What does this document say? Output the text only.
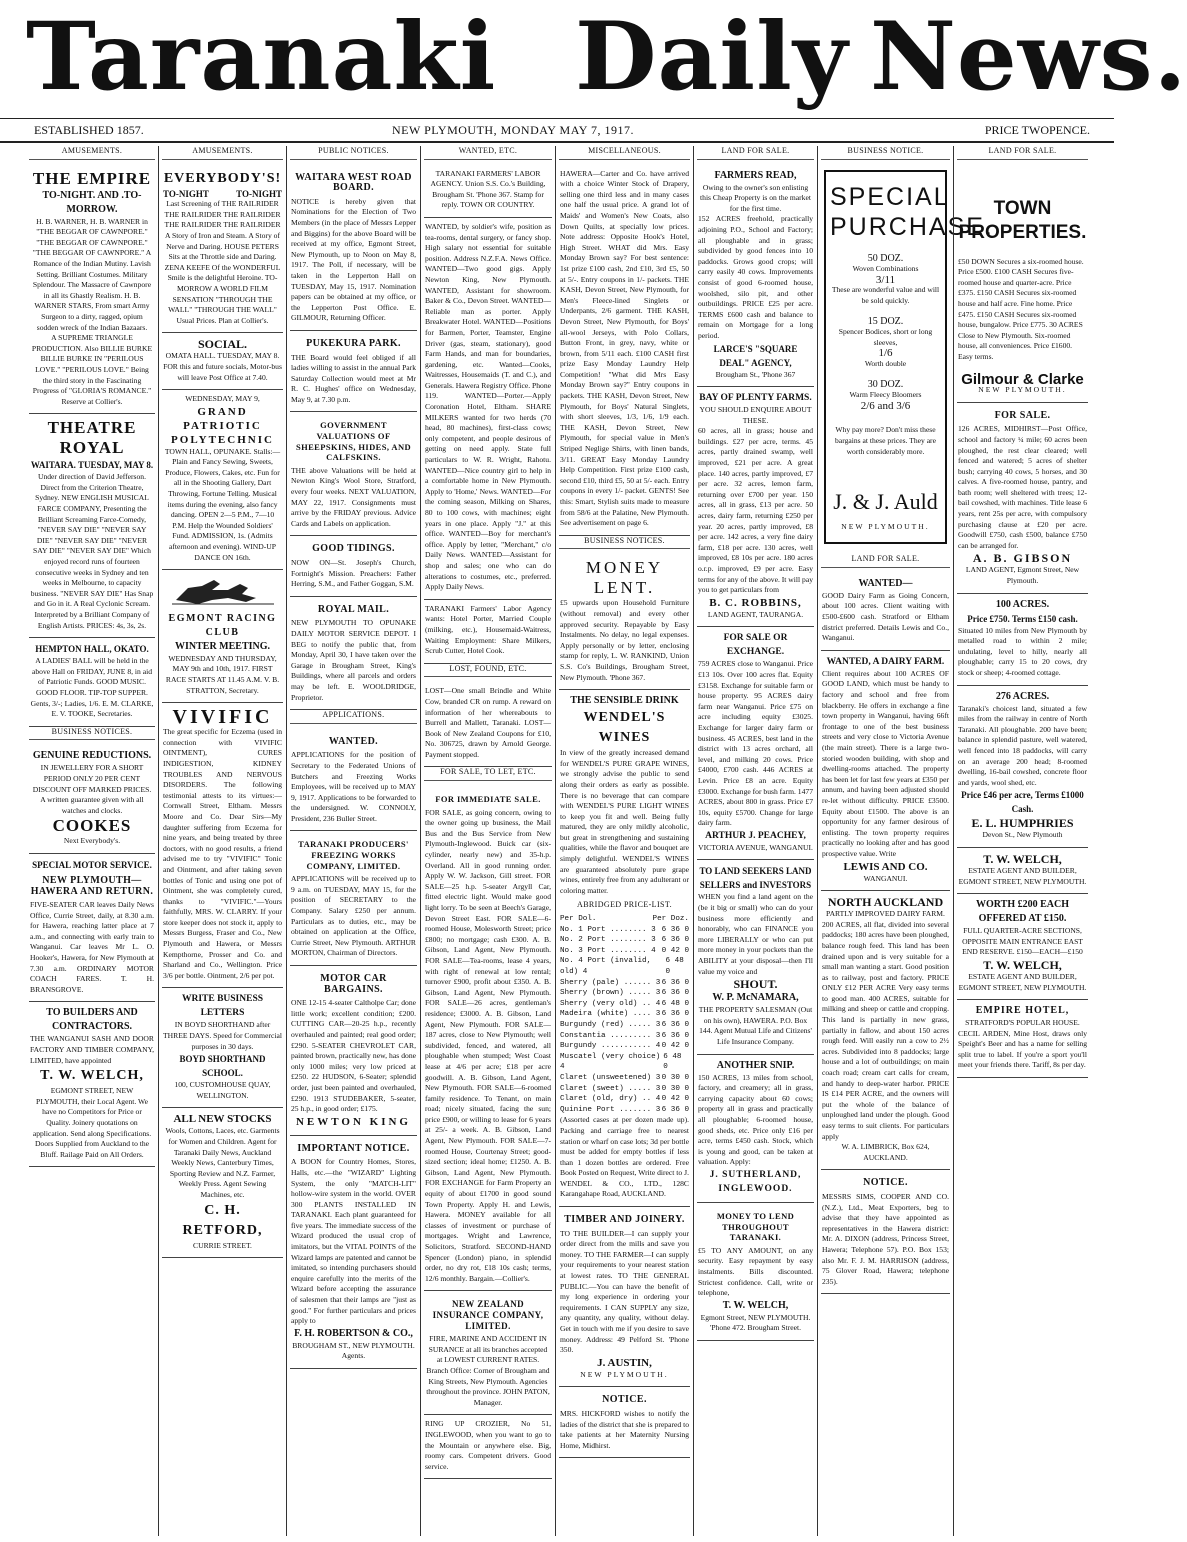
Taranaki Daily News.
ESTABLISHED 1857.	NEW PLYMOUTH, MONDAY MAY 7, 1917.	PRICE TWOPENCE.
AMUSEMENTS.
THE EMPIRE
TO-NIGHT. AND .TO-MORROW.
H. B. WARNER, H. B. WARNER in "THE BEGGAR OF CAWNPORE." "THE BEGGAR OF CAWNPORE." "THE BEGGAR OF CAWNPORE." A Romance of the Indian Mutiny. Lavish Setting. Brilliant Costumes. Military Splendour. The Massacre of Cawnpore in all its Ghastly Realism. H. B. WARNER STARS, From smart Army Surgeon to a dirty, ragged, opium sodden wreck of the Indian Bazaars.
A SUPREME TRIANGLE PRODUCTION. Also BILLIE BURKE BILLIE BURKE IN "PERILOUS LOVE." "PERILOUS LOVE." Being the third story in the Fascinating Progress of "GLORIA'S ROMANCE." Reserve at Collier's.
THEATRE ROYAL
WAITARA. TUESDAY, MAY 8.
Under direction of David Jefferson. Direct from the Criterion Theatre, Sydney. NEW ENGLISH MUSICAL FARCE COMPANY, Presenting the Brilliant Screaming Farce-Comedy, "NEVER SAY DIE" "NEVER SAY DIE" "NEVER SAY DIE" "NEVER SAY DIE" "NEVER SAY DIE" Which enjoyed record runs of fourteen consecutive weeks in Sydney and ten weeks in Melbourne, to capacity business. "NEVER SAY DIE" Has Snap and Go in it. A Real Cyclonic Scream. Interpreted by a Brilliant Company of English Artists. PRICES: 4s, 3s, 2s.
HEMPTON HALL, OKATO.
A LADIES' BALL will be held in the above Hall on FRIDAY, JUNE 8, in aid of Patriotic Funds. GOOD MUSIC. GOOD FLOOR. TIP-TOP SUPPER. Gents, 3/-; Ladies, 1/6. E. M. CLARKE, E. V. TOOKE, Secretaries.
BUSINESS NOTICES.
GENUINE REDUCTIONS.
IN JEWELLERY FOR A SHORT PERIOD ONLY 20 PER CENT DISCOUNT OFF MARKED PRICES. A written guarantee given with all watches and clocks.
COOKES
Next Everybody's.
SPECIAL MOTOR SERVICE.
NEW PLYMOUTH—HAWERA AND RETURN.
FIVE-SEATER CAR leaves Daily News Office, Currie Street, daily, at 8.30 a.m. for Hawera, reaching latter place at 7 a.m., and connecting with early train to Wanganui. Car leaves Mr L. O. Hooker's, Hawera, for New Plymouth at 7.30 a.m. ORDINARY MOTOR COACH FARES. T. H. BRANSGROVE.
TO BUILDERS AND CONTRACTORS.
THE WANGANUI SASH AND DOOR FACTORY AND TIMBER COMPANY, LIMITED, have appointed
T. W. WELCH,
EGMONT STREET, NEW PLYMOUTH, their Local Agent. We have no Competitors for Price or Quality. Joinery quotations on application. Send along Specifications. Doors Supplied from Auckland to the Bluff. Railage Paid on All Orders.
AMUSEMENTS.
EVERYBODY'S!
TO-NIGHT	TO-NIGHT
Last Screening of THE RAILRIDER THE RAILRIDER THE RAILRIDER THE RAILRIDER THE RAILRIDER A Story of Iron and Steam. A Story of Nerve and Daring. HOUSE PETERS Sits at the Throttle side and Daring. ZENA KEEFE Of the WONDERFUL Smile is the delightful Heroine. TO-MORROW A WORLD FILM SENSATION "THROUGH THE WALL" "THROUGH THE WALL" Usual Prices. Plan at Collier's.
SOCIAL.
OMATA HALL. TUESDAY, MAY 8. FOR this and future socials, Motor-bus will leave Post Office at 7.40.
WEDNESDAY, MAY 9,
GRAND PATRIOTIC POLYTECHNIC
TOWN HALL, OPUNAKE. Stalls:—Plain and Fancy Sewing, Sweets, Produce, Flowers, Cakes, etc. Fun for all in the Shooting Gallery, Dart Throwing, Fortune Telling. Musical items during the evening, also fancy dancing. OPEN 2—5 P.M., 7—10 P.M. Help the Wounded Soldiers' Fund. ADMISSION, 1s. (Admits afternoon and evening). WIND-UP DANCE ON 16th.
EGMONT RACING CLUB
WINTER MEETING.
WEDNESDAY AND THURSDAY, MAY 9th and 10th, 1917. FIRST RACE STARTS AT 11.45 A.M. V. B. STRATTON, Secretary.
VIVIFIC
The great specific for Eczema (used in connection with VIVIFIC OINTMENT), CURES INDIGESTION, KIDNEY TROUBLES AND NERVOUS DISORDERS. The following testimonial attests to its virtues:— Cornwall Street, Eltham. Messrs Moore and Co. Dear Sirs—My daughter suffering from Eczema for nine years, and being treated by three doctors, with no good results, a friend advised me to try "VIVIFIC" Tonic and Ointment, and after taking seven bottles of Tonic and using one pot of Ointment, she was completely cured, thanks to "VIVIFIC."—Yours faithfully, MRS. W. CLARRY. If your store keeper does not stock it, apply to Messrs Burgess, Fraser and Co., New Plymouth and Hawera, or Messrs Kempthorne, Prosser and Co. and Sharland and Co., Wellington. Price 3/6 per bottle. Ointment, 2/6 per pot.
WRITE BUSINESS LETTERS
IN BOYD SHORTHAND after THREE DAYS. Speed for Commercial purposes in 30 days.
BOYD SHORTHAND SCHOOL.
100, CUSTOMHOUSE QUAY, WELLINGTON.
ALL NEW STOCKS
Wools, Cottons, Laces, etc. Garments for Women and Children. Agent for Taranaki Daily News, Auckland Weekly News, Canterbury Times, Sporting Review and N.Z. Farmer, Weekly Press. Agent Sewing Machines, etc.
C. H. RETFORD,
CURRIE STREET.
PUBLIC NOTICES.
WAITARA WEST ROAD BOARD.
NOTICE is hereby given that Nominations for the Election of Two Members (in the place of Messrs Lepper and Biggins) for the above Board will be received at my office, Egmont Street, New Plymouth, up to Noon on May 8, 1917. The Poll, if necessary, will be taken in the Lepperton Hall on TUESDAY, May 15, 1917. Nomination papers can be obtained at my office, or the Lepperton Post Office. E. GILMOUR, Returning Officer.
PUKEKURA PARK.
THE Board would feel obliged if all ladies willing to assist in the annual Park Saturday Collection would meet at Mr R. C. Hughes' office on Wednesday, May 9, at 7.30 p.m.
GOVERNMENT VALUATIONS OF SHEEPSKINS, HIDES, AND CALFSKINS.
THE above Valuations will be held at Newton King's Wool Store, Stratford, every four weeks. NEXT VALUATION, MAY 22, 1917. Consignments must arrive by the FRIDAY previous. Advice Cards and Labels on application.
GOOD TIDINGS.
NOW ON—St. Joseph's Church, Fortnight's Mission. Preachers: Father Herring, S.M., and Father Goggan, S.M.
ROYAL MAIL.
NEW PLYMOUTH TO OPUNAKE DAILY MOTOR SERVICE DEPOT. I BEG to notify the public that, from Monday, April 30, I have taken over the Garage in Brougham Street, King's Buildings, where all parcels and orders may be left. E. WOOLDRIDGE, Proprietor.
APPLICATIONS.
WANTED.
APPLICATIONS for the position of Secretary to the Federated Unions of Butchers and Freezing Works Employees, will be received up to MAY 9, 1917. Applications to be forwarded to the undersigned. W. CONNOLY, President, 236 Buller Street.
TARANAKI PRODUCERS' FREEZING WORKS COMPANY, LIMITED.
APPLICATIONS will be received up to 9 a.m. on TUESDAY, MAY 15, for the position of SECRETARY to the Company. Salary £250 per annum. Particulars as to duties, etc., may be obtained on application at the Office, Currie Street, New Plymouth. ARTHUR MORTON, Chairman of Directors.
MOTOR CAR BARGAINS.
ONE 12-15 4-seater Caltholpe Car; done little work; excellent condition; £200. CUTTING CAR—20-25 h.p., recently overhauled and painted; real good order; £290. 5-SEATER CHEVROLET CAR, painted brown, practically new, has done only 1000 miles; very low priced at £250. 22 HUDSON, 6-Seater; splendid order, just been painted and overhauled, £290. 1913 STUDEBAKER, 5-seater, 25 h.p., in good order; £175.
NEWTON KING
IMPORTANT NOTICE.
A BOON for Country Homes, Stores, Halls, etc.—the "WIZARD" Lighting System, the only "MATCH-LIT" hollow-wire system in the world. OVER 300 PLANTS INSTALLED IN TARANAKI. Each plant guaranteed for five years. The immediate success of the Wizard produced the usual crop of imitators, but the VITAL POINTS of the Wizard lamps are patented and cannot be imitated, so intending purchasers should enquire carefully into the merits of the Wizard before accepting the assurance of salesmen that their lamps are "just as good." For further particulars and prices apply to
F. H. ROBERTSON & CO.,
BROUGHAM ST., NEW PLYMOUTH. Agents.
WANTED, ETC.
TARANAKI FARMERS' LABOR AGENCY. Union S.S. Co.'s Building, Brougham St. 'Phone 367. Stamp for reply. TOWN OR COUNTRY.
WANTED, by soldier's wife, position as tea-rooms, dental surgery, or fancy shop. High salary not essential for suitable position. Address N.Z.F.A. News Office. WANTED—Two good gigs. Apply Newton King, New Plymouth. WANTED, Assistant for showroom. Baker & Co., Devon Street. WANTED—Reliable man as porter. Apply Breakwater Hotel. WANTED—Positions for Barmen, Porter, Teamster, Engine Driver (gas, steam, stationary), good Farm Hands, and man for boundaries, gardening, etc. Wanted—Cooks, Waitresses, Housemaids (T. and C.), and Generals. Hawera Registry Office. Phone 119. WANTED—Porter.—Apply Coronation Hotel, Eltham. SHARE MILKERS wanted for two herds (70 head, 80 machines), first-class cows; only competent, and people desirous of getting on need apply. State full particulars to W. R. Wright, Rahotu. WANTED—Nice country girl to help in a comfortable home in New Plymouth. Apply to 'Home,' News. WANTED—For the coming season, Milking on Shares, 80 to 100 cows, with machines; eight years in one place. Apply "J." at this office. WANTED—Boy for merchant's office. Apply by letter, "Merchant," c/o Daily News. WANTED—Assistant for shop and sales; one who can do alterations to costumes, etc., preferred. Apply Daily News.
TARANAKI Farmers' Labor Agency wants: Hotel Porter, Married Couple (milking, etc.), Housemaid-Waitress, Waiting Employment: Share Milkers, Scrub Cutter, Hotel Cook.
LOST, FOUND, ETC.
LOST—One small Brindle and White Cow, branded CR on rump. A reward on information of her whereabouts to Burrell and Mallett, Taranaki. LOST—Book of New Zealand Coupons for £10, No. 306725, drawn by Arnold George. Payment stopped.
FOR SALE, TO LET, ETC.
FOR IMMEDIATE SALE.
FOR SALE, as going concern, owing to the owner going up business, the Mail Bus and the Bus Service from New Plymouth-Inglewood. Buick car (six-cylinder, nearly new) and 35-h.p. Overland. All in good running order. Apply W. W. Jackson, Gill street. FOR SALE—25 h.p. 5-seater Argyll Car, fitted electric light. Would make good light lorry. To be seen at Beech's Garage, Devon Street East. FOR SALE—6-roomed House, Molesworth Street; price £800; no mortgage; cash £300. A. B. Gibson, Land Agent, New Plymouth. FOR SALE—Tea-rooms, lease 4 years, with right of renewal at low rental; turnover £900, profit about £350. A. B. Gibson, Land Agent, New Plymouth. FOR SALE—26 acres, gentleman's residence; £3000. A. B. Gibson, Land Agent, New Plymouth. FOR SALE—187 acres, close to New Plymouth; well subdivided, fenced, and watered, all ploughable when stumped; West Coast lease at 4/6 per acre; £18 per acre goodwill. A. B. Gibson, Land Agent, New Plymouth. FOR SALE—6-roomed family residence. To Tenant, on main road; nicely situated, facing the sun; price £900, or willing to lease for 6 years at 25/- a week. A. B. Gibson, Land Agent, New Plymouth. FOR SALE—7-roomed House, Courtenay Street; good-sized section; ideal home; £1250. A. B. Gibson, Land Agent, New Plymouth. FOR EXCHANGE for Farm Property an equity of about £1700 in good sound Town Property. Apply H. and Lewis, Hawera. MONEY available for all classes of investment or purchase of mortgages. Wright and Lawrence, Solicitors, Stratford. SECOND-HAND Spencer (London) piano, in splendid order, no dry rot, £18 10s cash; terms, 12/6 monthly. Bargain.—Collier's.
NEW ZEALAND INSURANCE COMPANY, LIMITED.
FIRE, MARINE AND ACCIDENT IN SURANCE at all its branches accepted at LOWEST CURRENT RATES. Branch Office: Corner of Brougham and King Streets, New Plymouth. Agencies throughout the province. JOHN PATON, Manager.
RING UP CROZIER, No 51, INGLEWOOD, when you want to go to the Mountain or anywhere else. Big, roomy cars. Competent drivers. Good service.
MISCELLANEOUS.
HAWERA—Carter and Co. have arrived with a choice Winter Stock of Drapery, selling one third less and in many cases one half the usual price. A grand lot of Maids' and Women's New Coats, also Down Quilts, at specially low prices. Note address: Opposite Hook's Hotel, High Street. WHAT did Mrs. Easy Monday Brown say? For best sentence: 1st prize £100 cash, 2nd £10, 3rd £5, 50 at 5/-. Entry coupons in 1/- packets. THE KASH, Devon Street, New Plymouth, for Men's Fleece-lined Singlets or Underpants, 2/6 garment. THE KASH, Devon Street, New Plymouth, for Boys' all-wool Jerseys, with Polo Collars, Button Front, in grey, navy, white or brown, from 5/11 each. £100 CASH first prize Easy Monday Laundry Help Competition! "What did Mrs Easy Monday Brown say?" Entry coupons in packets. THE KASH, Devon Street, New Plymouth, for Boys' Natural Singlets, with short sleeves, 1/3, 1/6, 1/9 each. THE KASH, Devon Street, New Plymouth, for special value in Men's Striped Neglige Shirts, with linen bands, 3/11. GREAT Easy Monday Laundry Help Competition. First prize £100 cash, second £10, third £5, 50 at 5/- each. Entry coupons in every 1/- packet. GENTS! See this: Smart, Stylish suits made to measure from 58/6 at the Palatine, New Plymouth. See advertisement on page 6.
BUSINESS NOTICES.
MONEY LENT.
£5 upwards upon Household Furniture (without removal) and every other approved security. Repayable by Easy Instalments. No delay, no legal expenses. Apply personally or by letter, enclosing stamp for reply, L. W. RANKIND, Union S.S. Co's Buildings, Brougham Street, New Plymouth. 'Phone 367.
THE SENSIBLE DRINK
WENDEL'S WINES
In view of the greatly increased demand for WENDEL'S PURE GRAPE WINES, we strongly advise the public to send along their orders as early as possible. There is no beverage that can compare with WENDEL'S PURE LIGHT WINES to keep you fit and well. Being fully matured, they are only mildly alcoholic, but great in strengthening and sustaining qualities, while the flavor and bouquet are simply delightful. WENDEL'S WINES are guaranteed absolutely pure grape wines, entirely free from any adulterant or coloring matter.
ABRIDGED PRICE-LIST.
Per Dol.	Per Doz.
No. 1 Port ........ 3 6 36 0
No. 2 Port ........ 3 6 36 0
No. 3 Port ........ 4 0 42 0
No. 4 Port (invalid, old) 4
6 48 0
Sherry (pale) ...... 3 6 36 0
Sherry (brown) ..... 3 6 36 0
Sherry (very old) .. 4 6 48 0
Madeira (white) .... 3 6 36 0
Burgundy (red) ..... 3 6 36 0
Constantia ......... 3 6 36 0
Burgundy ........... 4 0 42 0
Muscatel (very choice) 4
6 48 0
Claret (unsweetened) 3 0 30 0
Claret (sweet) ..... 3 0 30 0
Claret (old, dry) .. 4 0 42 0
Quinine Port ....... 3 6 36 0
(Assorted cases at per dozen made up). Packing and carriage free to nearest station or wharf on case lots; 3d per bottle must be added for empty bottles if less than 1 dozen bottles are ordered. Free Book Posted on Request, Write direct to J. WENDEL & CO., LTD., 128C Karangahape Road, AUCKLAND.
TIMBER AND JOINERY.
TO THE BUILDER—I can supply your order direct from the mills and save you money. TO THE FARMER—I can supply your requirements to your nearest station at lowest rates. TO THE GENERAL PUBLIC.—You can have the benefit of my long experience in ordering your requirements. I CAN SUPPLY any size, any quantity, any quality, without delay. Get in touch with me if you desire to save money. Address: 49 Pelford St. 'Phone 350.
J. AUSTIN,
NEW PLYMOUTH.
NOTICE.
MRS. HICKFORD wishes to notify the ladies of the district that she is prepared to take patients at her Maternity Nursing Home, Midhirst.
LAND FOR SALE.
FARMERS READ,
Owing to the owner's son enlisting this Cheap Property is on the market for the first time.
152 ACRES freehold, practically adjoining P.O., School and Factory; all ploughable and in grass; subdivided by good fences into 10 paddocks. Grows good crops; will carry easily 40 cows. Improvements consist of good 6-roomed house, woolshed, silo pit, and other outbuildings. PRICE £25 per acre. TERMS £600 cash and balance to remain on Mortgage for a long period.
LARCE'S "SQUARE DEAL" AGENCY,
Brougham St., 'Phone 367
BAY OF PLENTY FARMS.
YOU SHOULD ENQUIRE ABOUT THESE.
60 acres, all in grass; house and buildings. £27 per acre, terms. 45 acres, partly drained swamp, well improved, £21 per acre. A great place. 140 acres, partly improved, £7 per acre. 32 acres, lemon farm, returning over £700 per year. 150 acres, all in grass, £13 per acre. 50 acres, dairy farm, returning £250 per year. 20 acres, partly improved, £8 per acre. 142 acres, a very fine dairy farm, £18 per acre. 130 acres, well improved, £8 10s per acre. 180 acres o.r.p. improved, £9 per acre. Easy terms for any of the above. It will pay you to get particulars from
B. C. ROBBINS,
LAND AGENT, TAURANGA.
FOR SALE OR EXCHANGE.
759 ACRES close to Wanganui. Price £13 10s. Over 100 acres flat. Equity £3158. Exchange for suitable farm or house property. 95 ACRES dairy farm near Wanganui. Price £75 on acre including equity £3025. Exchange for larger dairy farm or business. 45 ACRES, best land in the district with 13 acres orchard, all level, and milking 20 cows. Price £4000, £700 cash. 446 ACRES at Levin. Price £8 an acre. Equity £3000. Exchange for bush farm. 1477 ACRES, about 800 in grass. Price £7 10s, equity £5700. Change for large dairy farm.
ARTHUR J. PEACHEY,
VICTORIA AVENUE, WANGANUI.
TO LAND SEEKERS LAND SELLERS and INVESTORS
WHEN you find a land agent on the (be it big or small) who can do your business more efficiently and honorably, who can FINANCE you more LIBERALLY or who can put more money in your pockets than the ABILITY at your disposal—then I'll value my voice and
SHOUT.
W. P. McNAMARA,
THE PROPERTY SALESMAN (Out on his own), HAWERA. P.O. Box 144. Agent Mutual Life and Citizens' Life Insurance Company.
ANOTHER SNIP.
150 ACRES, 13 miles from school, factory, and creamery; all in grass, carrying capacity about 60 cows; property all in grass and practically all ploughable; 6-roomed house, good sheds, etc. Price only £16 per acre, terms £450 cash. Stock, which is young and good, can be taken at valuation. Apply:
J. SUTHERLAND, INGLEWOOD.
MONEY TO LEND THROUGHOUT TARANAKI.
£5 TO ANY AMOUNT, on any security. Easy repayment by easy instalments. Bills discounted. Strictest confidence. Call, write or telephone,
T. W. WELCH,
Egmont Street, NEW PLYMOUTH. 'Phone 472. Brougham Street.
BUSINESS NOTICE.
SPECIAL PURCHASE.
50 DOZ.
Woven Combinations
3/11
These are wonderful value and will be sold quickly.
15 DOZ.
Spencer Bodices, short or long sleeves,
1/6
Worth double
30 DOZ.
Warm Fleecy Bloomers
2/6 and 3/6
Why pay more? Don't miss these bargains at these prices. They are worth considerably more.
J. & J. Auld
NEW PLYMOUTH.
LAND FOR SALE.
WANTED—
GOOD Dairy Farm as Going Concern, about 100 acres. Client waiting with £500-£600 cash. Stratford or Eltham district preferred. Details Lewis and Co., Wanganui.
WANTED, A DAIRY FARM.
Client requires about 100 ACRES OF GOOD LAND, which must be handy to factory and school and free from blackberry. He offers in exchange a fine town property in Wanganui, having 66ft frontage to one of the best business streets and very close to Victoria Avenue (the main street). There is a large two-storied wooden building, with shop and dwelling-rooms attached. The property has been let for last few years at £350 per annum, and having been adjusted should re-let without difficulty. PRICE £3500. Equity about £1500. The above is an opportunity for any farmer desirous of enlisting. The town property requires practically no looking after and has good prospective value. Write
LEWIS AND CO.
WANGANUI.
NORTH AUCKLAND
PARTLY IMPROVED DAIRY FARM.
200 ACRES, all flat, divided into several paddocks; 180 acres have been ploughed, balance rough feed. This land has been drained upon and is very suitable for a small man wanting a start. Good position as to railway, post and factory. PRICE ONLY £12 PER ACRE Very easy terms to good man. 400 ACRES, suitable for milking and sheep or cattle and cropping. This land is partially in new grass, partially in fallow, and about 150 acres rough feed. Will easily run a cow to 2½ acres. Subdivided into 8 paddocks; large house and a lot of outbuildings; on main coach road; cream cart calls for cream, and handy to deep-water harbor. PRICE IS £14 PER ACRE, and the owners will put the whole of the balance of unploughed land under the plough. Good easy terms to suit clients. For particulars apply
W. A. LIMBRICK, Box 624, AUCKLAND.
NOTICE.
MESSRS SIMS, COOPER AND CO. (N.Z.), Ltd., Meat Exporters, beg to advise that they have appointed as representatives in the Hawera district: Mr. A. DIXON (address, Princess Street, Hawera; Telephone 57). P.O. Box 153; also Mr. F. J. M. HARRISON (address, 75 Glover Road, Hawera; telephone 235).
LAND FOR SALE.
TOWN PROPERTIES.
£50 DOWN Secures a six-roomed house. Price £500. £100 CASH Secures five-roomed house and quarter-acre. Price £375. £150 CASH Secures six-roomed house and half acre. Fine home. Price £475. £150 CASH Secures six-roomed house, bungalow. Price £775. 30 ACRES Close to New Plymouth. Six-roomed house, all conveniences. Price £1600. Easy terms.
Gilmour & Clarke
NEW PLYMOUTH.
FOR SALE.
126 ACRES, MIDHIRST—Post Office, school and factory ¼ mile; 60 acres been ploughed, the rest clear cleared; well fenced and watered; 5 acres of shelter bush; carrying 40 cows, 5 horses, and 30 calves. A five-roomed house, pantry, and bath room; well sheltered with trees; 12-bail cowshed, with machines. Title lease 6 years, rent 25s per acre, with compulsory purchasing clause at £20 per acre. Goodwill £750, cash £500, balance £750 can be arranged for.
A. B. GIBSON
LAND AGENT, Egmont Street, New Plymouth.
100 ACRES.
Price £750. Terms £150 cash.
Situated 10 miles from New Plymouth by metalled road to within 2 mile; undulating, level to hilly, nearly all ploughable; carry 15 to 20 cows, dry stock or sheep; 4-roomed cottage.
276 ACRES.
Taranaki's choicest land, situated a few miles from the railway in centre of North Taranaki. All ploughable. 200 have been; balance in splendid pasture, well watered, well fenced into 18 paddocks, will carry on an average 200 head; 8-roomed dwelling, 16-bail cowshed, concrete floor and yards, wool shed, etc.
Price £46 per acre, Terms £1000 Cash.
E. L. HUMPHRIES
Devon St., New Plymouth
T. W. WELCH,
ESTATE AGENT AND BUILDER, EGMONT STREET, NEW PLYMOUTH.
WORTH £200 EACH OFFERED AT £150.
FULL QUARTER-ACRE SECTIONS, OPPOSITE MAIN ENTRANCE EAST END RESERVE. £150—EACH—£150
T. W. WELCH,
ESTATE AGENT AND BUILDER, EGMONT STREET, NEW PLYMOUTH.
EMPIRE HOTEL,
STRATFORD'S POPULAR HOUSE.
CECIL ARDEN, Mine Host, draws only Speight's Beer and has a name for selling split true to label. If you're a sport you'll meet your friends there. Tariff, 8s per day.
